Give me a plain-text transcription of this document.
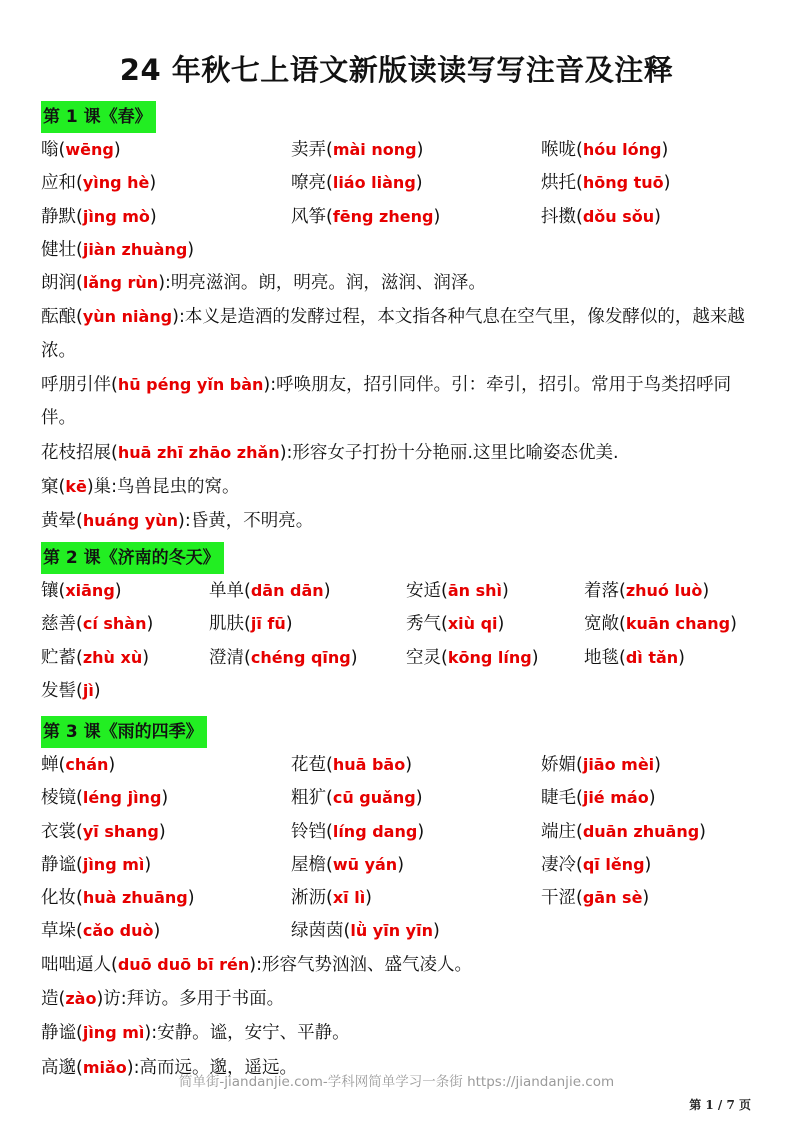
24 年秋七上语文新版读读写写注音及注释
第 1 课《春》
嗡(wēng)	卖弄(mài nong)	喉咙(hóu lóng)
应和(yìng hè)	嘹亮(liáo liàng)	烘托(hōng tuō)
静默(jìng mò)	风筝(fēng zheng)	抖擞(dǒu sǒu)
健壮(jiàn zhuàng)
朗润(lǎng rùn):明亮滋润。朗，明亮。润，滋润、润泽。
酝酿(yùn niàng):本义是造酒的发酵过程，本文指各种气息在空气里，像发酵似的，越来越浓。
呼朋引伴(hū péng yǐn bàn):呼唤朋友，招引同伴。引：牵引，招引。常用于鸟类招呼同伴。
花枝招展(huā zhī zhāo zhǎn):形容女子打扮十分艳丽.这里比喻姿态优美.
窠(kē)巢:鸟兽昆虫的窝。
黄晕(huáng yùn):昏黄，不明亮。
第 2 课《济南的冬天》
镶(xiāng)	单单(dān dān)	安适(ān shì)	着落(zhuó luò)
慈善(cí shàn)	肌肤(jī fū)	秀气(xiù qi)	宽敞(kuān chang)
贮蓄(zhù xù)	澄清(chéng qīng)	空灵(kōng líng)	地毯(dì tǎn)
发髻(jì)
第 3 课《雨的四季》
蝉(chán)	花苞(huā bāo)	娇媚(jiāo mèi)
棱镜(léng jìng)	粗犷(cū guǎng)	睫毛(jié máo)
衣裳(yī shang)	铃铛(líng dang)	端庄(duān zhuāng)
静谧(jìng mì)	屋檐(wū yán)	凄冷(qī lěng)
化妆(huà zhuāng)	淅沥(xī lì)	干涩(gān sè)
草垛(cǎo duò)	绿茵茵(lǜ yīn yīn)
咄咄逼人(duō duō bī rén):形容气势汹汹、盛气凌人。
造(zào)访:拜访。多用于书面。
静谧(jìng mì):安静。谧，安宁、平静。
高邈(miǎo):高而远。邈，遥远。
简单街-jiandanjie.com-学科网简单学习一条街 https://jiandanjie.com
第 1 / 7 页
